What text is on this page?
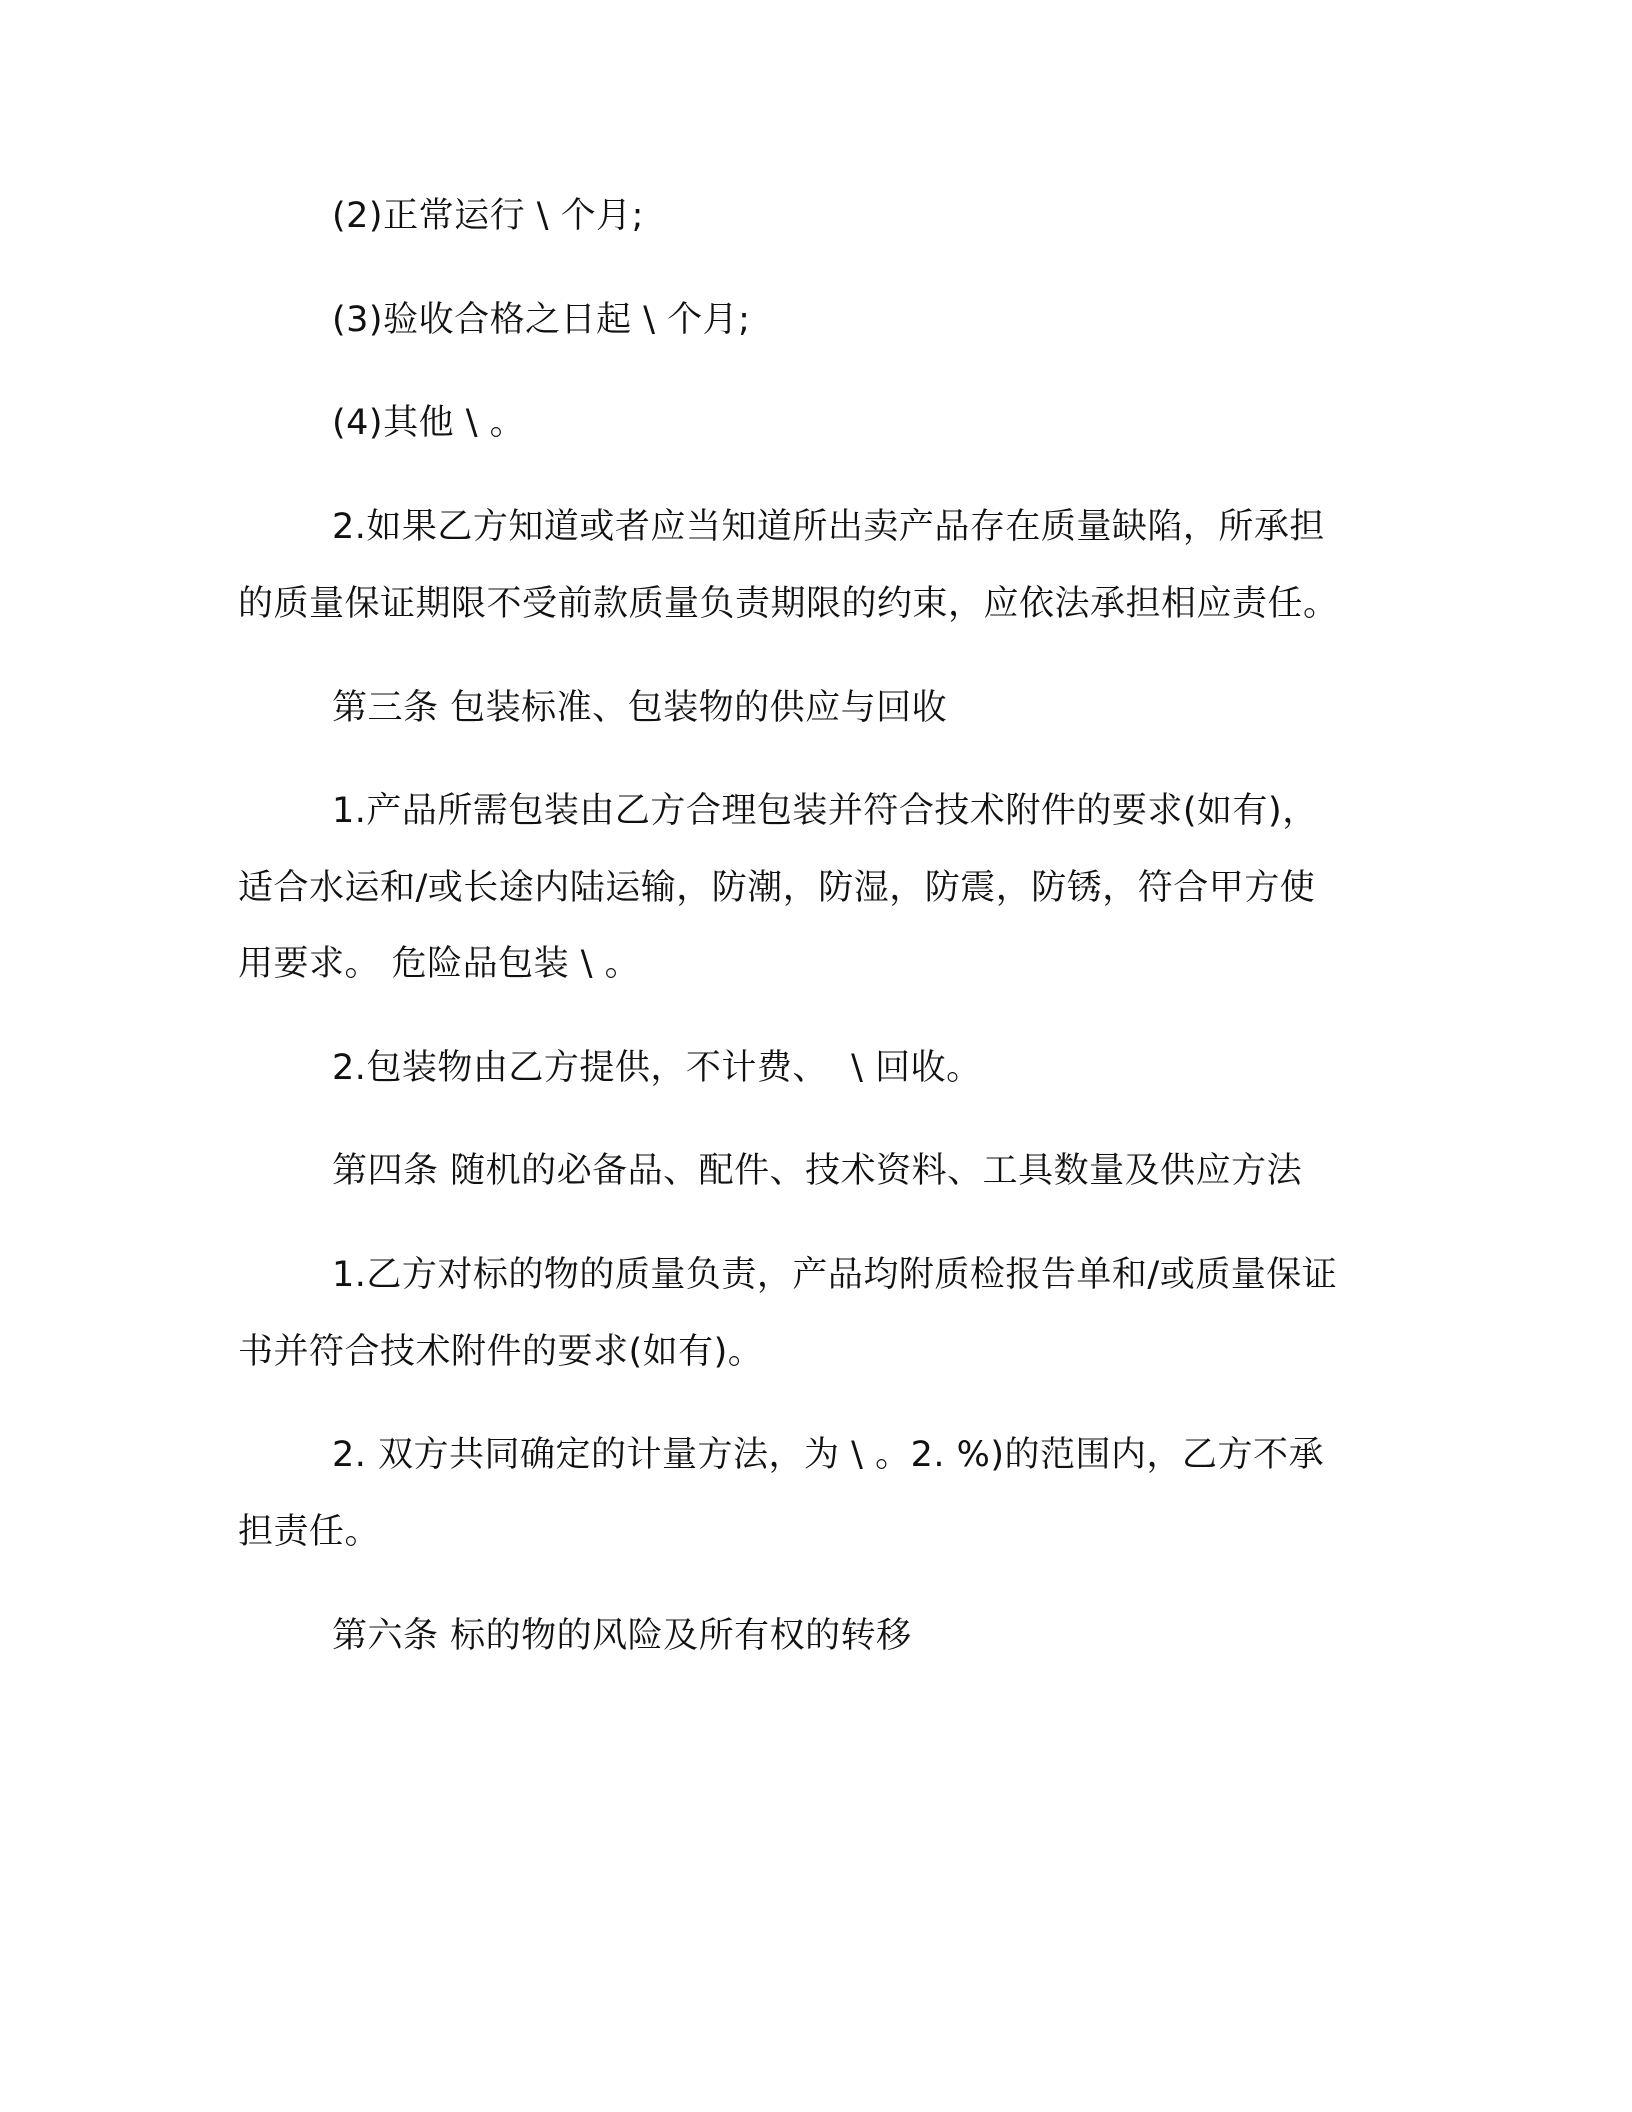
(2)正常运行 \ 个月;
(3)验收合格之日起 \ 个月;
(4)其他 \ 。
2.如果乙方知道或者应当知道所出卖产品存在质量缺陷，所承担
的质量保证期限不受前款质量负责期限的约束，应依法承担相应责任。
第三条 包装标准、包装物的供应与回收
1.产品所需包装由乙方合理包装并符合技术附件的要求(如有)，
适合水运和/或长途内陆运输，防潮，防湿，防震，防锈，符合甲方使
用要求。 危险品包装 \ 。
2.包装物由乙方提供，不计费、  \ 回收。
第四条 随机的必备品、配件、技术资料、工具数量及供应方法
1.乙方对标的物的质量负责，产品均附质检报告单和/或质量保证
书并符合技术附件的要求(如有)。
2. 双方共同确定的计量方法，为 \ 。2. %)的范围内，乙方不承
担责任。
第六条 标的物的风险及所有权的转移
